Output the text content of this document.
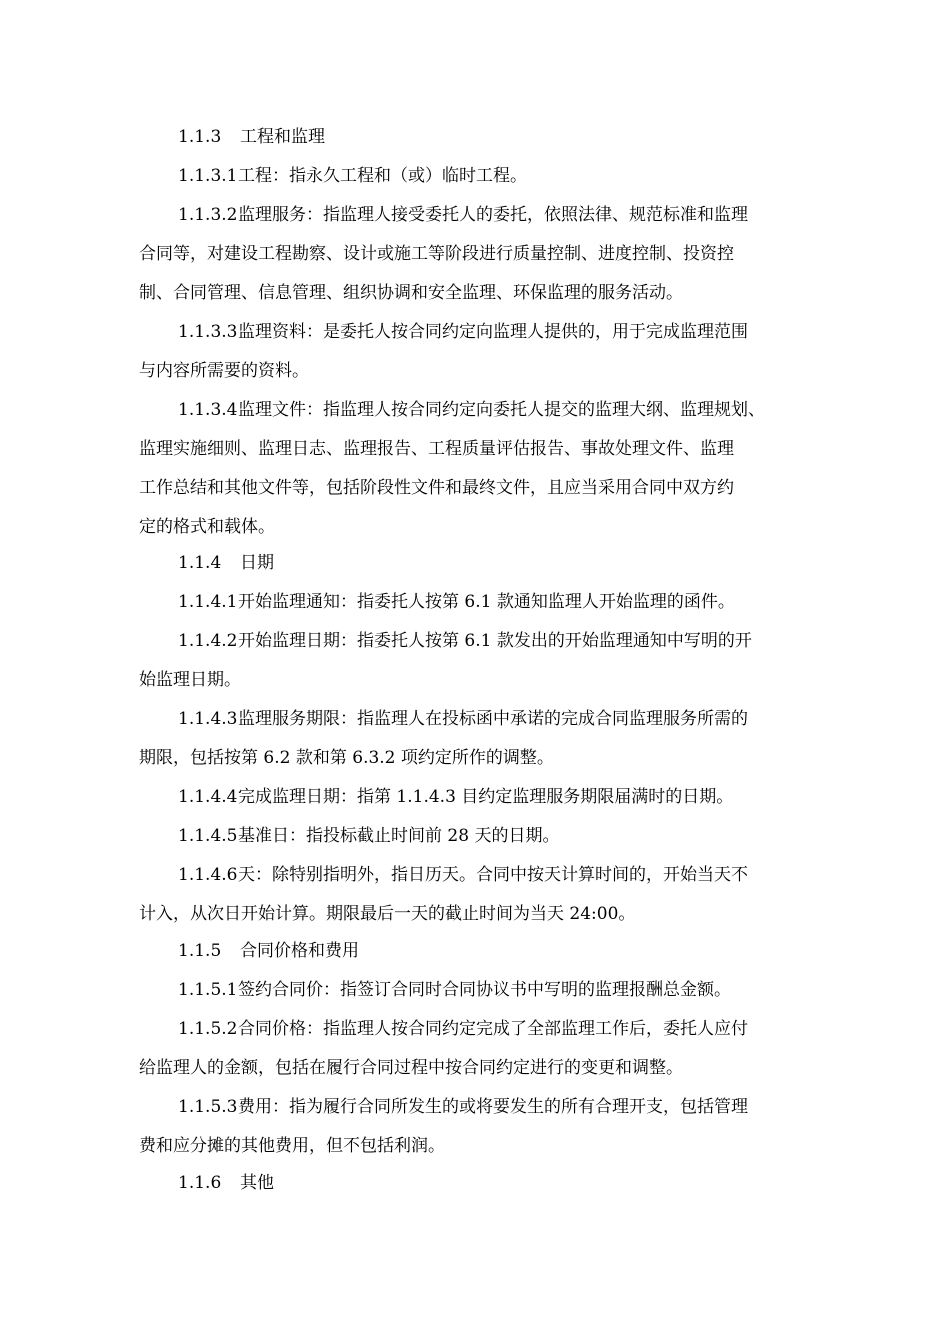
1.1.3 工程和监理
1.1.3.1工程：指永久工程和（或）临时工程。
1.1.3.2监理服务：指监理人接受委托人的委托，依照法律、规范标准和监理
合同等，对建设工程勘察、设计或施工等阶段进行质量控制、进度控制、投资控
制、合同管理、信息管理、组织协调和安全监理、环保监理的服务活动。
1.1.3.3监理资料：是委托人按合同约定向监理人提供的，用于完成监理范围
与内容所需要的资料。
1.1.3.4监理文件：指监理人按合同约定向委托人提交的监理大纲、监理规划、
监理实施细则、监理日志、监理报告、工程质量评估报告、事故处理文件、监理
工作总结和其他文件等，包括阶段性文件和最终文件，且应当采用合同中双方约
定的格式和载体。
1.1.4 日期
1.1.4.1开始监理通知：指委托人按第 6.1 款通知监理人开始监理的函件。
1.1.4.2开始监理日期：指委托人按第 6.1 款发出的开始监理通知中写明的开
始监理日期。
1.1.4.3监理服务期限：指监理人在投标函中承诺的完成合同监理服务所需的
期限，包括按第 6.2 款和第 6.3.2 项约定所作的调整。
1.1.4.4完成监理日期：指第 1.1.4.3 目约定监理服务期限届满时的日期。
1.1.4.5基准日：指投标截止时间前 28 天的日期。
1.1.4.6天：除特别指明外，指日历天。合同中按天计算时间的，开始当天不
计入，从次日开始计算。期限最后一天的截止时间为当天 24:00。
1.1.5 合同价格和费用
1.1.5.1签约合同价：指签订合同时合同协议书中写明的监理报酬总金额。
1.1.5.2合同价格：指监理人按合同约定完成了全部监理工作后，委托人应付
给监理人的金额，包括在履行合同过程中按合同约定进行的变更和调整。
1.1.5.3费用：指为履行合同所发生的或将要发生的所有合理开支，包括管理
费和应分摊的其他费用，但不包括利润。
1.1.6 其他
